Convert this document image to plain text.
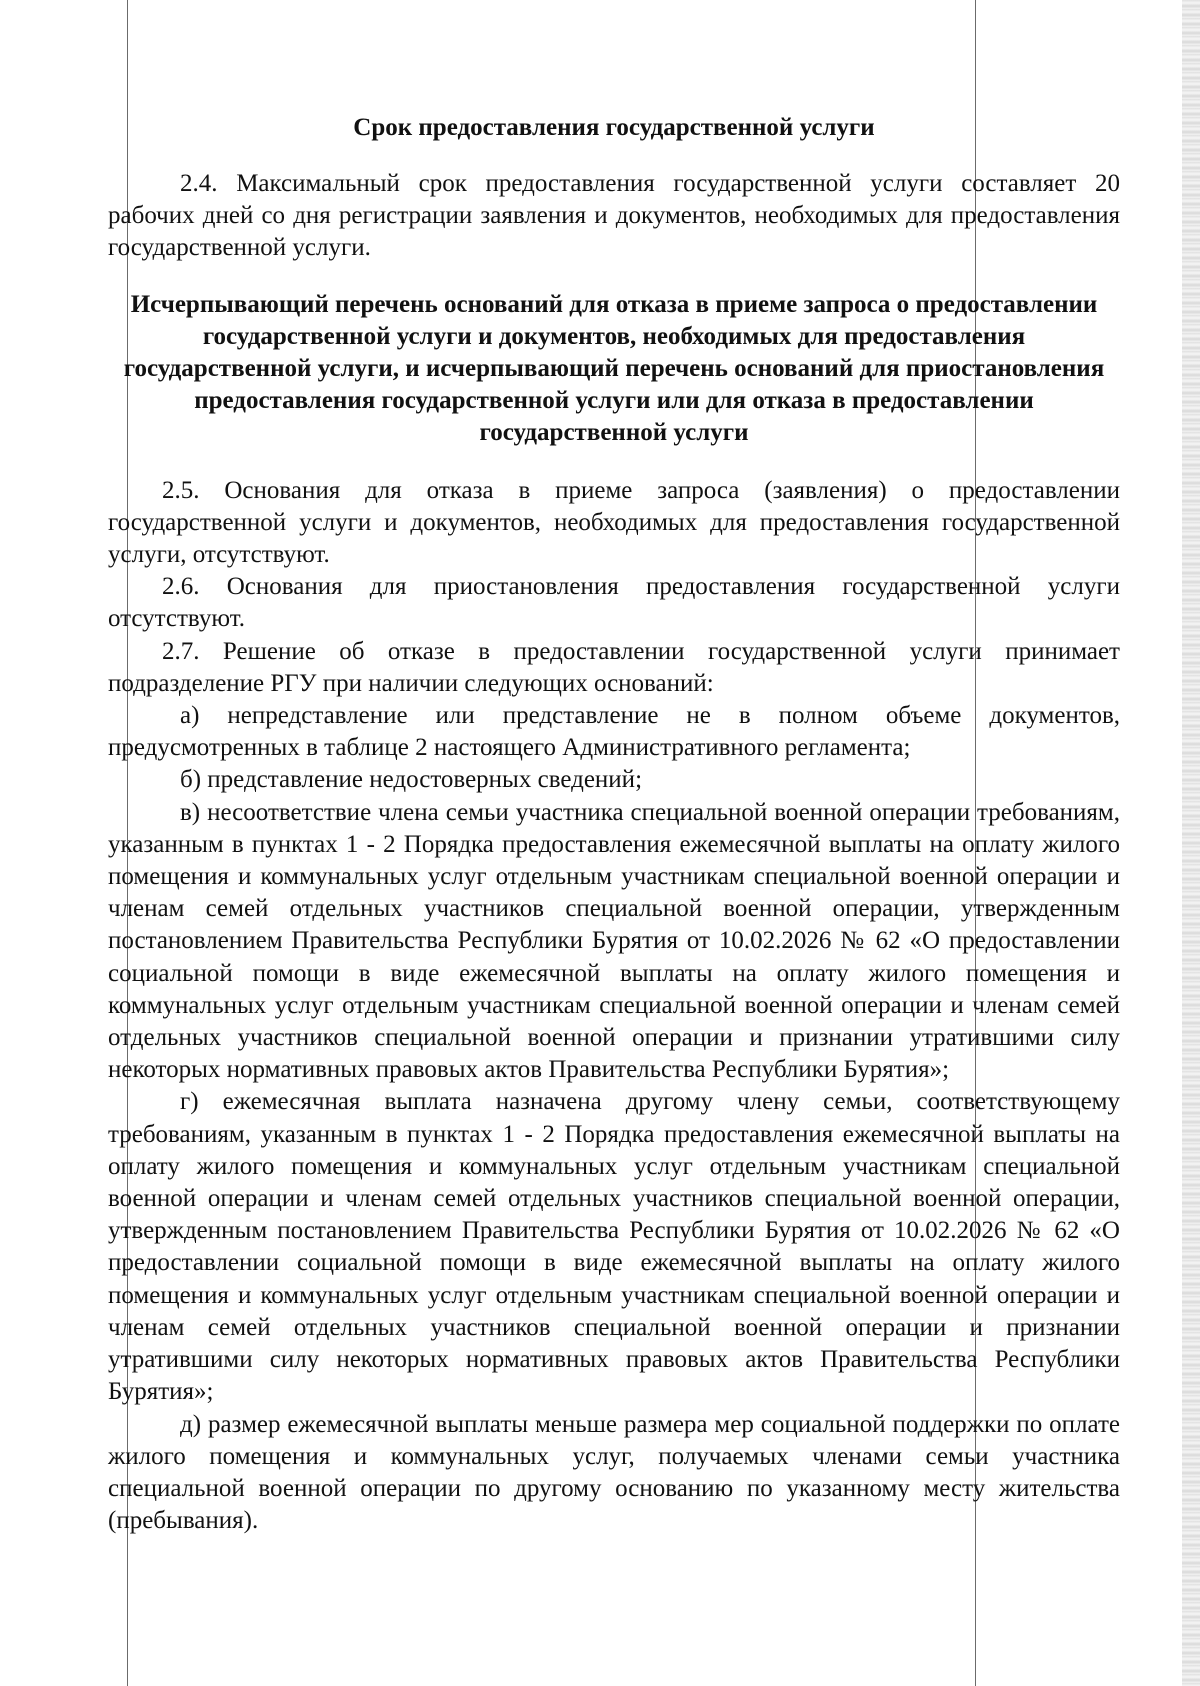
Срок предоставления государственной услуги

2.4. Максимальный срок предоставления государственной услуги составляет 20 рабочих дней со дня регистрации заявления и документов, необходимых для предоставления государственной услуги.

Исчерпывающий перечень оснований для отказа в приеме запроса о предоставлении государственной услуги и документов, необходимых для предоставления государственной услуги, и исчерпывающий перечень оснований для приостановления предоставления государственной услуги или для отказа в предоставлении государственной услуги

2.5. Основания для отказа в приеме запроса (заявления) о предоставлении государственной услуги и документов, необходимых для предоставления государственной услуги, отсутствуют.

2.6. Основания для приостановления предоставления государственной услуги отсутствуют.

2.7. Решение об отказе в предоставлении государственной услуги принимает подразделение РГУ при наличии следующих оснований:

а) непредставление или представление не в полном объеме документов, предусмотренных в таблице 2 настоящего Административного регламента;

б) представление недостоверных сведений;

в) несоответствие члена семьи участника специальной военной операции требованиям, указанным в пунктах 1 - 2 Порядка предоставления ежемесячной выплаты на оплату жилого помещения и коммунальных услуг отдельным участникам специальной военной операции и членам семей отдельных участников специальной военной операции, утвержденным постановлением Правительства Республики Бурятия от 10.02.2026 № 62 «О предоставлении социальной помощи в виде ежемесячной выплаты на оплату жилого помещения и коммунальных услуг отдельным участникам специальной военной операции и членам семей отдельных участников специальной военной операции и признании утратившими силу некоторых нормативных правовых актов Правительства Республики Бурятия»;

г) ежемесячная выплата назначена другому члену семьи, соответствующему требованиям, указанным в пунктах 1 - 2 Порядка предоставления ежемесячной выплаты на оплату жилого помещения и коммунальных услуг отдельным участникам специальной военной операции и членам семей отдельных участников специальной военной операции, утвержденным постановлением Правительства Республики Бурятия от 10.02.2026 № 62 «О предоставлении социальной помощи в виде ежемесячной выплаты на оплату жилого помещения и коммунальных услуг отдельным участникам специальной военной операции и членам семей отдельных участников специальной военной операции и признании утратившими силу некоторых нормативных правовых актов Правительства Республики Бурятия»;

д) размер ежемесячной выплаты меньше размера мер социальной поддержки по оплате жилого помещения и коммунальных услуг, получаемых членами семьи участника специальной военной операции по другому основанию по указанному месту жительства (пребывания).
